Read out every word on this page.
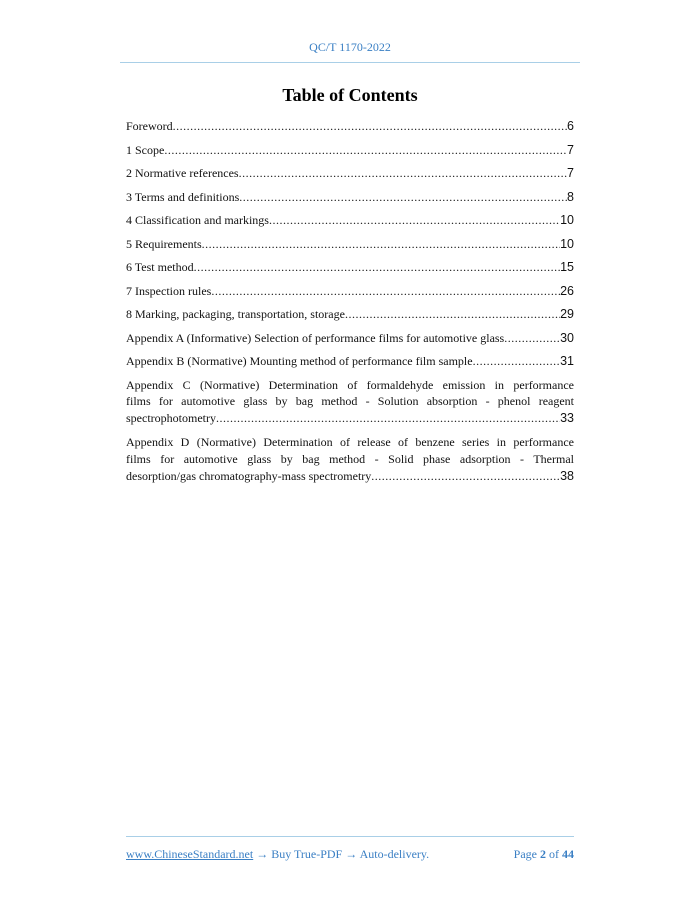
QC/T 1170-2022
Table of Contents
Foreword .....	6
1 Scope .....	7
2 Normative references .....	7
3 Terms and definitions .....	8
4 Classification and markings .....	10
5 Requirements .....	10
6 Test method .....	15
7 Inspection rules .....	26
8 Marking, packaging, transportation, storage .....	29
Appendix A (Informative) Selection of performance films for automotive glass .....	30
Appendix B (Normative) Mounting method of performance film sample .....	31
Appendix C (Normative) Determination of formaldehyde emission in performance
films for automotive glass by bag method - Solution absorption - phenol reagent
spectrophotometry .....	33
Appendix D (Normative) Determination of release of benzene series in performance
films for automotive glass by bag method - Solid phase adsorption - Thermal
desorption/gas chromatography-mass spectrometry .....	38
www.ChineseStandard.net → Buy True-PDF → Auto-delivery.	Page 2 of 44
